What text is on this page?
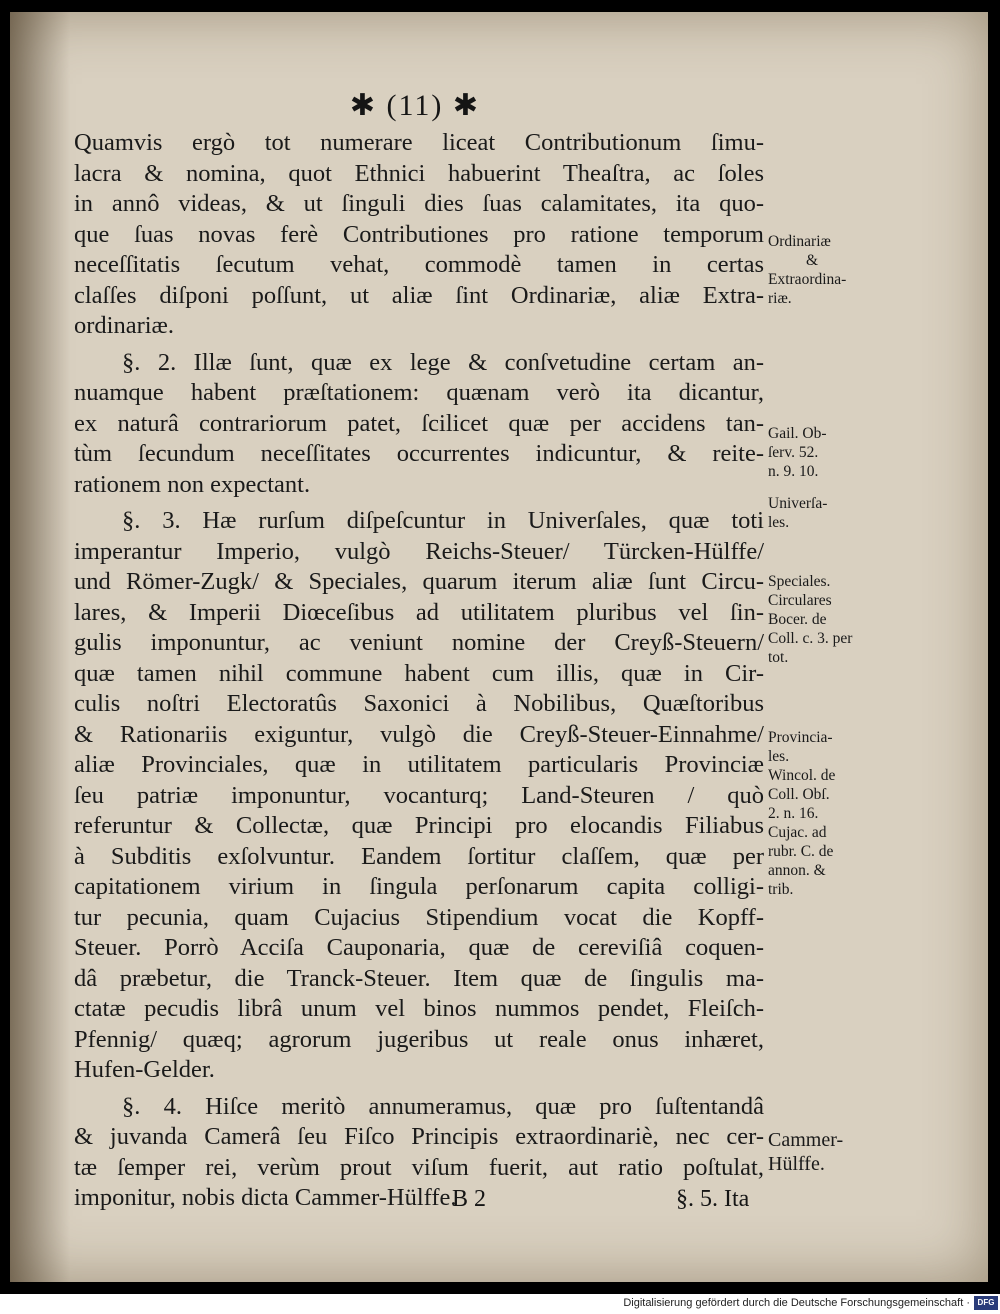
✱ (11) ✱

Quamvis ergò tot numerare liceat Contributionum ſimu-

lacra & nomina, quot Ethnici habuerint Theaſtra, ac ſoles

in annô videas, & ut ſinguli dies ſuas calamitates, ita quo-

que ſuas novas ferè Contributiones pro ratione temporum

neceſſitatis ſecutum vehat, commodè tamen in certas

claſſes diſponi poſſunt, ut aliæ ſint Ordinariæ, aliæ Extra-

ordinariæ.

§. 2. Illæ ſunt, quæ ex lege & conſvetudine certam an-

nuamque habent præſtationem: quænam verò ita dicantur,

ex naturâ contrariorum patet, ſcilicet quæ per accidens tan-

tùm ſecundum neceſſitates occurrentes indicuntur, & reite-

rationem non expectant.

§. 3. Hæ rurſum diſpeſcuntur in Univerſales, quæ toti

imperantur Imperio, vulgò Reichs-Steuer/ Türcken-Hülffe/

und Römer-Zugk/ & Speciales, quarum iterum aliæ ſunt Circu-

lares, & Imperii Diœceſibus ad utilitatem pluribus vel ſin-

gulis imponuntur, ac veniunt nomine der Creyß-Steuern/

quæ tamen nihil commune habent cum illis, quæ in Cir-

culis noſtri Electoratûs Saxonici à Nobilibus, Quæſtoribus

& Rationariis exiguntur, vulgò die Creyß-Steuer-Einnahme/

aliæ Provinciales, quæ in utilitatem particularis Provinciæ

ſeu patriæ imponuntur, vocanturq; Land-Steuren / quò

referuntur & Collectæ, quæ Principi pro elocandis Filiabus

à Subditis exſolvuntur. Eandem ſortitur claſſem, quæ per

capitationem virium in ſingula perſonarum capita colligi-

tur pecunia, quam Cujacius Stipendium vocat die Kopff-

Steuer. Porrò Acciſa Cauponaria, quæ de cereviſiâ coquen-

dâ præbetur, die Tranck-Steuer. Item quæ de ſingulis ma-

ctatæ pecudis librâ unum vel binos nummos pendet, Fleiſch-

Pfennig/ quæq; agrorum jugeribus ut reale onus inhæret,

Hufen-Gelder.

§. 4. Hiſce meritò annumeramus, quæ pro ſuſtentandâ

& juvanda Camerâ ſeu Fiſco Principis extraordinariè, nec cer-

tæ ſemper rei, verùm prout viſum fuerit, aut ratio poſtulat,

imponitur, nobis dicta Cammer-Hülffe.

Ordinariæ
&
Extraordina-
riæ.
Gail. Ob-
ſerv. 52.
n. 9. 10.
Univerſa-
les.
Speciales.
Circulares
Bocer. de
Coll. c. 3. per
tot.
Provincia-
les.
Wincol. de
Coll. Obſ.
2. n. 16.
Cujac. ad
rubr. C. de
annon. &
trib.
Cammer-
Hülffe.
B 2	§. 5. Ita
Digitalisierung gefördert durch die Deutsche Forschungsgemeinschaft · DFG
